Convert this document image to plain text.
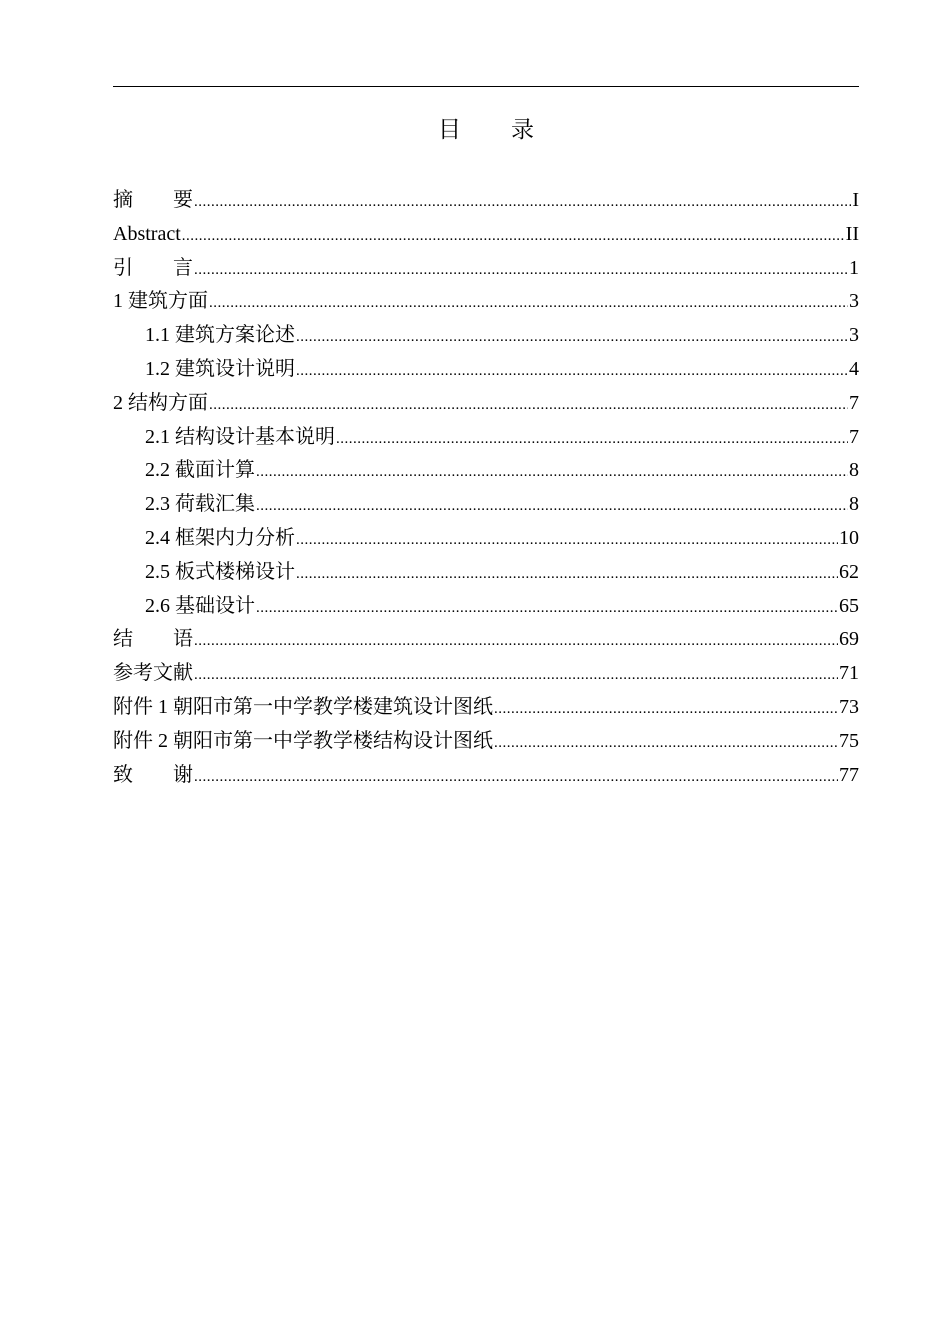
目 录
摘　　要 .....	I
Abstract .....	II
引　　言 .....	1
1 建筑方面 .....	3
1.1 建筑方案论述 .....	3
1.2 建筑设计说明 .....	4
2 结构方面 .....	7
2.1 结构设计基本说明 .....	7
2.2 截面计算 .....	8
2.3 荷载汇集 .....	8
2.4 框架内力分析 .....	10
2.5 板式楼梯设计 .....	62
2.6 基础设计 .....	65
结　　语 .....	69
参考文献 .....	71
附件 1 朝阳市第一中学教学楼建筑设计图纸 .....	73
附件 2 朝阳市第一中学教学楼结构设计图纸 .....	75
致　　谢 .....	77
